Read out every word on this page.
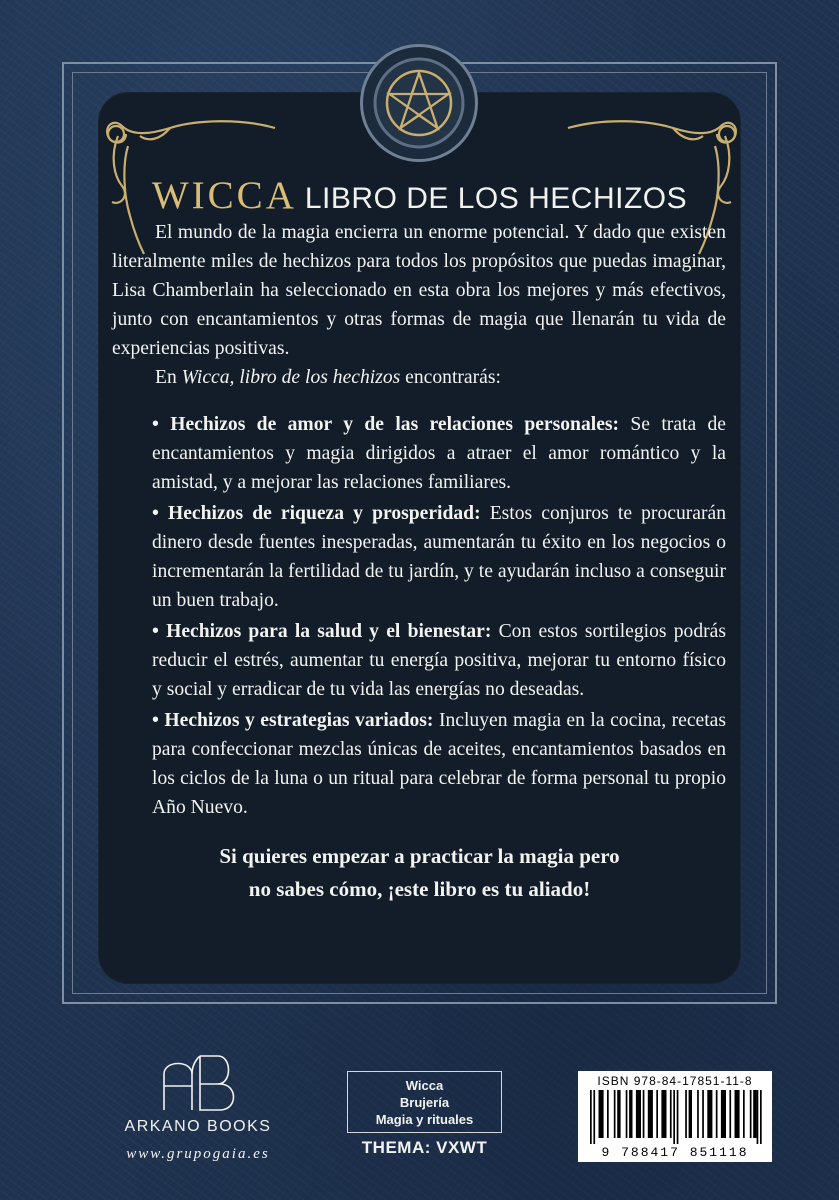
WICCA LIBRO DE LOS HECHIZOS

El mundo de la magia encierra un enorme potencial. Y dado que existen literalmente miles de hechizos para todos los propósitos que puedas imaginar, Lisa Chamberlain ha seleccionado en esta obra los mejores y más efectivos, junto con encantamientos y otras formas de magia que llenarán tu vida de experiencias positivas.

En Wicca, libro de los hechizos encontrarás:

• Hechizos de amor y de las relaciones personales: Se trata de encantamientos y magia dirigidos a atraer el amor romántico y la amistad, y a mejorar las relaciones familiares.
• Hechizos de riqueza y prosperidad: Estos conjuros te procurarán dinero desde fuentes inesperadas, aumentarán tu éxito en los negocios o incrementarán la fertilidad de tu jardín, y te ayudarán incluso a conseguir un buen trabajo.
• Hechizos para la salud y el bienestar: Con estos sortilegios podrás reducir el estrés, aumentar tu energía positiva, mejorar tu entorno físico y social y erradicar de tu vida las energías no deseadas.
• Hechizos y estrategias variados: Incluyen magia en la cocina, recetas para confeccionar mezclas únicas de aceites, encantamientos basados en los ciclos de la luna o un ritual para celebrar de forma personal tu propio Año Nuevo.
Si quieres empezar a practicar la magia pero
no sabes cómo, ¡este libro es tu aliado!
ARKANO BOOKS
www.grupogaia.es
Wicca
Brujería
Magia y rituales
THEMA: VXWT
ISBN 978-84-17851-11-8
9 788417 851118
